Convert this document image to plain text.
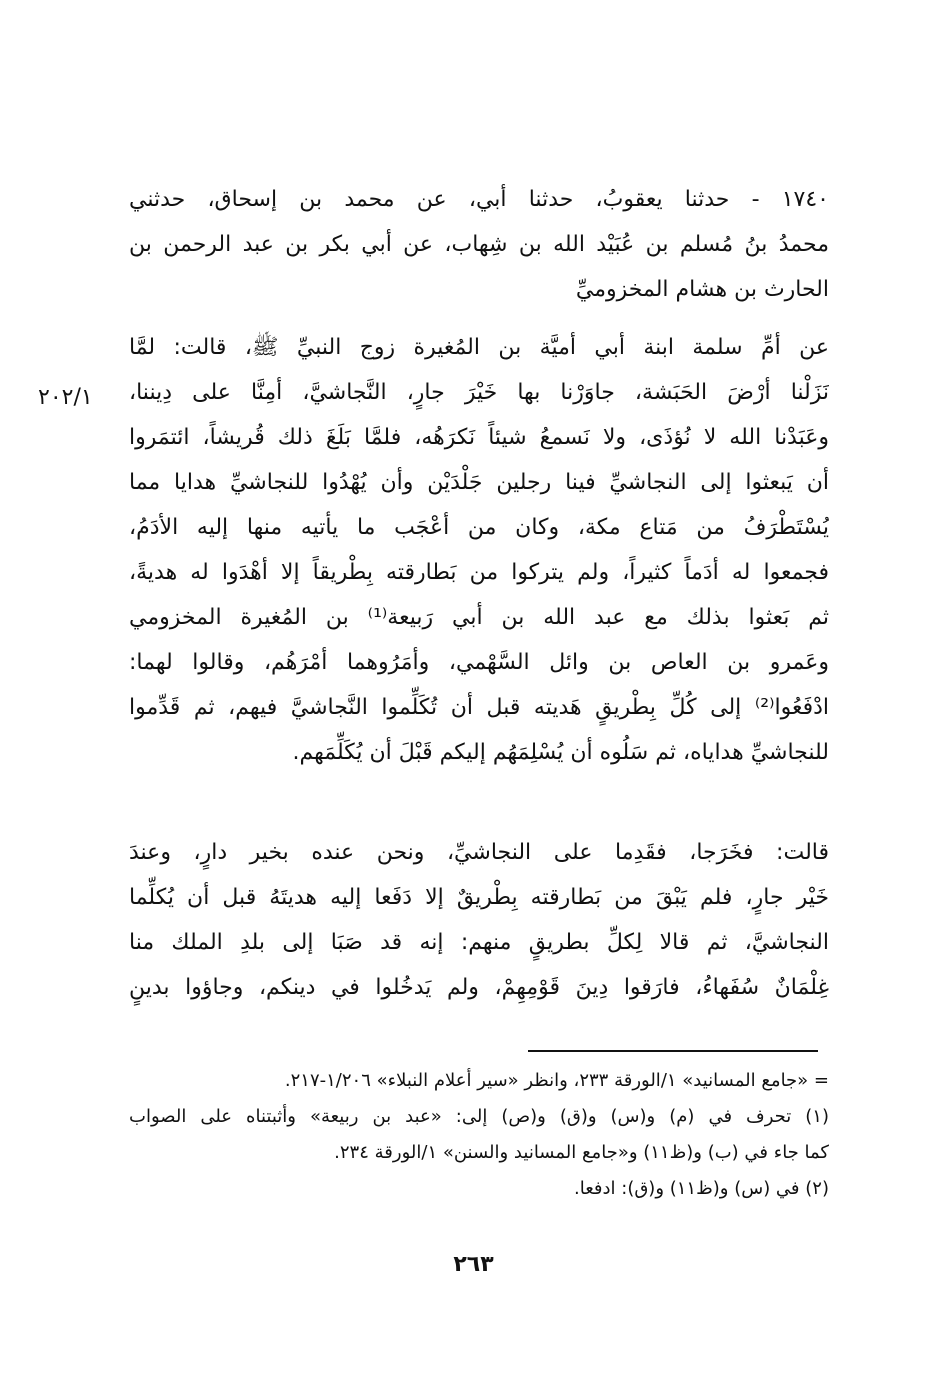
١٧٤٠ - حدثنا يعقوبُ، حدثنا أبي، عن محمد بن إسحاق، حدثني
محمدُ بنُ مُسلم بن عُبَيْد الله بن شِهاب، عن أبي بكر بن عبد الرحمن بن
الحارث بن هشام المخزوميِّ
عن أمِّ سلمة ابنة أبي أميَّة بن المُغيرة زوج النبيِّ ﷺ، قالت: لمَّا
نَزَلْنا أرْضَ الحَبَشة، جاوَرْنا بها خَيْرَ جارٍ، النَّجاشيَّ، أمِنَّا على دِيننا،
وعَبَدْنا الله لا نُؤذَى، ولا نَسمعُ شيئاً نَكرَهُه، فلمَّا بَلَغَ ذلك قُريشاً، ائتمَروا
أن يَبعثوا إلى النجاشيِّ فينا رجلين جَلْدَيْن وأن يُهْدُوا للنجاشيِّ هدايا مما
يُسْتَطْرَفُ من مَتاع مكة، وكان من أعْجَب ما يأتيه منها إليه الأدَمُ،
فجمعوا له أدَماً كثيراً، ولم يتركوا من بَطارقته بِطْريقاً إلا أهْدَوا له هديةً،
ثم بَعثوا بذلك مع عبد الله بن أبي رَبيعة⁽¹⁾ بن المُغيرة المخزومي
وعَمرو بن العاص بن وائل السَّهْمي، وأمَرُوهما أمْرَهُم، وقالوا لهما:
ادْفَعُوا⁽²⁾ إلى كُلِّ بِطْريقٍ هَديته قبل أن تُكَلِّموا النَّجاشيَّ فيهم، ثم قَدِّموا
للنجاشيِّ هداياه، ثم سَلُوه أن يُسْلِمَهُم إليكم قَبْلَ أن يُكَلِّمَهم.
قالت: فخَرَجا، فقَدِما على النجاشيِّ، ونحن عنده بخير دارٍ، وعندَ
خَيْر جارٍ، فلم يَبْقَ من بَطارقته بِطْريقٌ إلا دَفَعا إليه هديتَهُ قبل أن يُكلِّما
النجاشيَّ، ثم قالا لِكلِّ بطريقٍ منهم: إنه قد صَبَا إلى بلدِ الملك منا
غِلْمَانٌ سُفَهاءُ، فارَقوا دِينَ قَوْمِهِمْ، ولم يَدخُلوا في دينكم، وجاؤوا بدينٍ
٢٠٢/١
= «جامع المسانيد» ١/الورقة ٢٣٣، وانظر «سير أعلام النبلاء» ١/٢٠٦-٢١٧.
(١) تحرف في (م) و(س) و(ق) و(ص) إلى: «عبد بن ربيعة» وأثبتناه على الصواب
كما جاء في (ب) و(ظ١١) و«جامع المسانيد والسنن» ١/الورقة ٢٣٤.
(٢) في (س) و(ظ١١) و(ق): ادفعا.
٢٦٣
